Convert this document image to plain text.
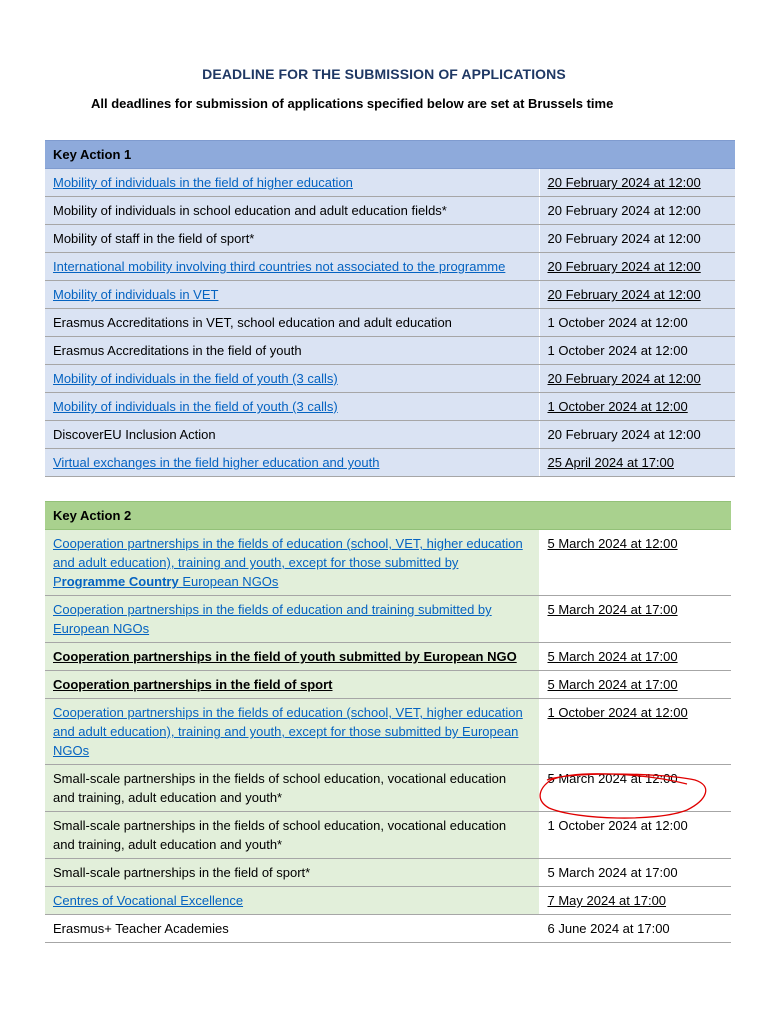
DEADLINE FOR THE SUBMISSION OF APPLICATIONS
All deadlines for submission of applications specified below are set at Brussels time
Key Action 1	
Mobility of individuals in the field of higher education	20 February 2024 at 12:00
Mobility of individuals in school education and adult education fields*	20 February 2024 at 12:00
Mobility of staff in the field of sport*	20 February 2024 at 12:00
International mobility involving third countries not associated to the programme	20 February 2024 at 12:00
Mobility of individuals in VET	20 February 2024 at 12:00
Erasmus Accreditations in VET, school education and adult education	1 October 2024 at 12:00
Erasmus Accreditations in the field of youth	1 October 2024 at 12:00
Mobility of individuals in the field of youth (3 calls)	20 February 2024 at 12:00
Mobility of individuals in the field of youth (3 calls)	1 October 2024 at 12:00
DiscoverEU Inclusion Action	20 February 2024 at 12:00
Virtual exchanges in the field higher education and youth	25 April 2024 at 17:00
Key Action 2	
Cooperation partnerships in the fields of education (school, VET, higher education and adult education), training and youth, except for those submitted by Programme Country European NGOs	5 March 2024 at 12:00
Cooperation partnerships in the fields of education and training submitted by European NGOs	5 March 2024 at 17:00
Cooperation partnerships in the field of youth submitted by European NGO	5 March 2024 at 17:00
Cooperation partnerships in the field of sport	5 March 2024 at 17:00
Cooperation partnerships in the fields of education (school, VET, higher education and adult education), training and youth, except for those submitted by European NGOs	1 October 2024 at 12:00
Small-scale partnerships in the fields of school education, vocational education and training, adult education and youth*	5 March 2024 at 12:00
Small-scale partnerships in the fields of school education, vocational education and training, adult education and youth*	1 October 2024 at 12:00
Small-scale partnerships in the field of sport*	5 March 2024 at 17:00
Centres of Vocational Excellence	7 May 2024 at 17:00
Erasmus+ Teacher Academies	6 June 2024 at 17:00
